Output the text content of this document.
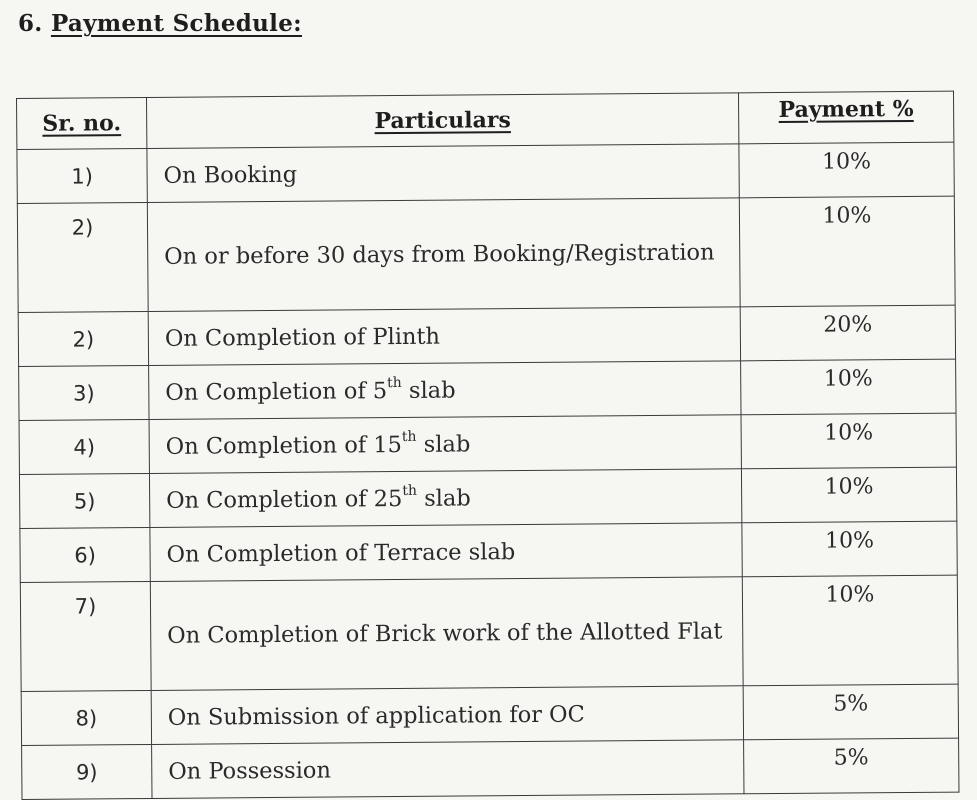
6. Payment Schedule:
Sr. no.	Particulars	Payment %
1)	On Booking	10%
2)	On or before 30 days from Booking/Registration	10%
2)	On Completion of Plinth	20%
3)	On Completion of 5th slab	10%
4)	On Completion of 15th slab	10%
5)	On Completion of 25th slab	10%
6)	On Completion of Terrace slab	10%
7)	On Completion of Brick work of the Allotted Flat	10%
8)	On Submission of application for OC	5%
9)	On Possession	5%
